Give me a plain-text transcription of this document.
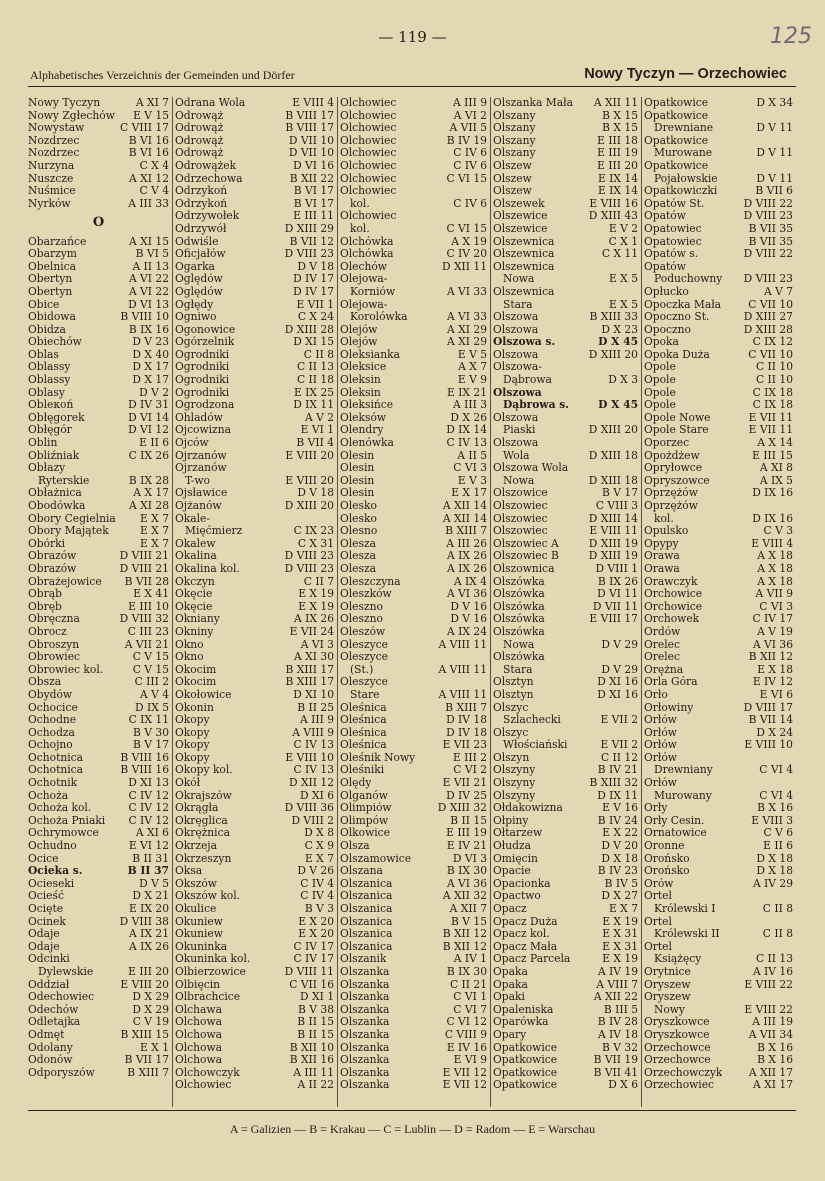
— 119 —	125
Alphabetisches Verzeichnis der Gemeinden und Dörfer	Nowy Tyczyn — Orzechowiec
Nowy Tyczyn	A XI 7
Nowy Zgłechów E V 15
Nowystaw	C VIII 17
Nozdrzec	B VI 16
Nozdrzec	B VI 16
Nurzyna	C X 4
Nuszcze	A XI 12
Nuśmice	C V 4
Nyrków	A III 33
O
Obarzańce	A XI 15
Obarzym	B VI 5
Obelnica	A II 13
Obertyn	A VI 22
Obertyn	A VI 22
Obice	D VI 13
Obidowa	B VIII 10
Obidza	B IX 16
Obiechów	D V 23
Oblas	D X 40
Oblassy	D X 17
Oblassy	D X 17
Oblasy	D V 2
Obleкoń	D IV 31
Obłęgorek	D VI 14
Obłęgór	D VI 12
Oblin	E II 6
Obliźniak	C IX 26
Obłazy
Ryterskie	B IX 28
Obłażnica	A X 17
Obodówka	A XI 28
Obory Cegielnia E X 7
Obory Majątek	E X 7
Obórki	E X 7
Obrazów	D VIII 21
Obrazów	D VIII 21
Obrażejowice B VII 28
Obrąb	E X 41
Obręb	E III 10
Obręczna	D VIII 32
Obrocz	C III 23
Obroszyn	A VII 21
Obrowiec	C V 15
Obrowiec kol.	C V 15
Obsza	C III 2
Obydów	A V 4
Ochocice	D IX 5
Ochodne	C IX 11
Ochodza	B V 30
Ochojno	B V 17
Ochotnica	B VIII 16
Ochotnica	B VIII 16
Ochotnik	D XI 13
Ochoża	C IV 12
Ochoża kol.	C IV 12
Ochoża Pniaki C IV 12
Ochrymowce	A XI 6
Ochudno	E VI 12
Ocice	B II 31
Ocieka s.	B II 37
Ocieseki	D V 5
Ocieść	D X 21
Ocięte	E IX 20
Ocinek	D VIII 38
Odaje	A IX 21
Odaje	A IX 26
Odcinki
Dylewskie	E III 20
Oddział	E VIII 20
Odechowiec	D X 29
Odechów	D X 29
Odletajka	C V 19
Odmęt	B XIII 15
Odolany	E X 1
Odonów	B VII 17
Odporyszów	B XIII 7
Odrana Wola	E VIII 4
Odrowąż	B VIII 17
Odrowąż	B VIII 17
Odrowąż	D VII 10
Odrowąż	D VII 10
Odrowążek	D VI 16
Odrzechowa	B XII 22
Odrzykoń	B VI 17
Odrzykoń	B VI 17
Odrzywołek	E III 11
Odrzywół	D XIII 29
Odwiśle	B VII 12
Oficjałów	D VIII 23
Ogarka	D V 18
Oględów	D IV 17
Oględów	D IV 17
Ogłędy	E VII 1
Ogniwo	C X 24
Ogonowice	D XIII 28
Ogórzelnik	D XI 15
Ogrodniki	C II 8
Ogrodniki	C II 13
Ogrodniki	C II 18
Ogrodniki	E IX 25
Ogrodzona	D IX 11
Ohladów	A V 2
Ojcowizna	E VI 1
Ojców	B VII 4
Ojrzanów	E VIII 20
Ojrzanów
T-wo	E VIII 20
Ojsławice	D V 18
Ojżanów	D XIII 20
Okale-
Mięćmierz	C IX 23
Okalew	C X 31
Okalina	D VIII 23
Okalina kol.	D VIII 23
Okczyn	C II 7
Okęcie	E X 19
Okęcie	E X 19
Okniany	A IX 26
Okniny	E VII 24
Okno	A VI 3
Okno	A XI 30
Okocim	B XIII 17
Okocim	B XIII 17
Okołowice	D XI 10
Okonin	B II 25
Okopy	A III 9
Okopy	A VIII 9
Okopy	C IV 13
Okopy	E VIII 10
Okopy kol.	C IV 13
Okół	D XII 12
Okrajszów	D XI 6
Okrągła	D VIII 36
Okręglica	D VIII 2
Okrężnica	D X 8
Okrzeja	C X 9
Okrzeszyn	E X 7
Oksa	D V 26
Okszów	C IV 4
Okszów kol.	C IV 4
Okulice	B V 3
Okuniew	E X 20
Okuniew	E X 20
Okuninka	C IV 17
Okuninka kol.	C IV 17
Olbierzowice	D VIII 11
Olbięcin	C VII 16
Olbrachcice	D XI 1
Olchawa	B V 38
Olchowa	B II 15
Olchowa	B II 15
Olchowa	B XII 10
Olchowa	B XII 16
Olchowczyk	A III 11
Olchowiec	A II 22
Olchowiec	A III 9
Olchowiec	A VI 2
Olchowiec	A VII 5
Olchowiec	B IV 19
Olchowiec	C IV 6
Olchowiec	C IV 6
Olchowiec	C VI 15
Olchowiec
kol.	C IV 6
Olchowiec
kol.	C VI 15
Olchówka	A X 19
Olchówka	C IV 20
Olechów	D XII 11
Olejowa-
Korniów	A VI 33
Olejowa-
Korolówka	A VI 33
Olejów	A XI 29
Olejów	A XI 29
Oleksianka	E V 5
Oleksice	A X 7
Oleksin	E V 9
Oleksin	E IX 21
Oleksińce	A III 3
Oleksów	D X 26
Olendry	D IX 14
Olenówka	C IV 13
Olesin	A II 5
Olesin	C VI 3
Olesin	E V 3
Olesin	E X 17
Olesko	A XII 14
Olesko	A XII 14
Olesno	B XIII 7
Olesza	A III 26
Olesza	A IX 26
Olesza	A IX 26
Oleszczyna	A IX 4
Oleszków	A VI 36
Oleszno	D V 16
Oleszno	D V 16
Oleszów	A IX 24
Oleszyce	A VIII 11
Oleszyce
(St.)	A VIII 11
Oleszyce
Stare	A VIII 11
Oleśnica	B XIII 7
Oleśnica	D IV 18
Oleśnica	D IV 18
Oleśnica	E VII 23
Oleśnik Nowy	E III 2
Oleśniki	C VI 2
Olędy	E VII 21
Olganów	D IV 25
Olimpiów	D XIII 32
Olimpów	B II 15
Olkowice	E III 19
Olsza	E IV 21
Olszamowice	D VI 3
Olszana	B IX 30
Olszanica	A VI 36
Olszanica	A XII 32
Olszanica	A XII 7
Olszanica	B V 15
Olszanica	B XII 12
Olszanica	B XII 12
Olszanik	A IV 1
Olszanka	B IX 30
Olszanka	C II 21
Olszanka	C VI 1
Olszanka	C VI 7
Olszanka	C VI 12
Olszanka	C VIII 9
Olszanka	E IV 16
Olszanka	E VI 9
Olszanka	E VII 12
Olszanka	E VII 12
Olszanka Mała A XII 11
Olszany	B X 15
Olszany	B X 15
Olszany	E III 18
Olszany	E III 19
Olszew	E III 20
Olszew	E IX 14
Olszew	E IX 14
Olszewek	E VIII 16
Olszewice	D XIII 43
Olszewice	E V 2
Olszewnica	C X 1
Olszewnica	C X 11
Olszewnica
Nowa	E X 5
Olszewnica
Stara	E X 5
Olszowa	B XIII 33
Olszowa	D X 23
Olszowa s.	D X 45
Olszowa	D XIII 20
Olszowa-
Dąbrowa	D X 3
Olszowa
Dąbrowa s.	D X 45
Olszowa
Piaski	D XIII 20
Olszowa
Wola	D XIII 18
Olszowa Wola
Nowa	D XIII 18
Olszowice	B V 17
Olszowiec	C VIII 3
Olszowiec	D XIII 14
Olszowiec	E VIII 11
Olszowiec A	D XIII 19
Olszowiec B	D XIII 19
Olszownica	D VIII 1
Olszówka	B IX 26
Olszówka	D VI 11
Olszówka	D VII 11
Olszówka	E VIII 17
Olszówka
Nowa	D V 29
Olszówka
Stara	D V 29
Olsztyn	D XI 16
Olsztyn	D XI 16
Olszyc
Szlachecki	E VII 2
Olszyc
Włościański	E VII 2
Olszyn	C II 12
Olszyny	B IV 21
Olszyny	B XIII 32
Olszyny	D IX 11
Ołdakowizna	E V 16
Ołpiny	B IV 24
Ołtarzew	E X 22
Ołudza	D V 20
Omięcin	D X 18
Opacie	B IV 23
Opacionka	B IV 5
Opactwo	D X 27
Opacz	E X 7
Opacz Duża	E X 19
Opacz kol.	E X 31
Opacz Mała	E X 31
Opacz Parcela	E X 19
Opaka	A IV 19
Opaka	A VIII 7
Opaki	A XII 22
Opaleniska	B III 5
Oparówka	B IV 28
Opary	A IV 18
Opatkowice	B V 32
Opatkowice	B VII 19
Opatkowice	B VII 41
Opatkowice	D X 6
Opatkowice	D X 34
Opatkowice
Drewniane	D V 11
Opatkowice
Murowane	D V 11
Opatkowice
Pojałowskie	D V 11
Opatkowiczki	B VII 6
Opatów St.	D VIII 22
Opatów	D VIII 23
Opatowiec	B VII 35
Opatowiec	B VII 35
Opatów s.	D VIII 22
Opatów
Poduchowny D VIII 23
Opłucko	A V 7
Opoczka Mała	C VII 10
Opoczno St.	D XIII 27
Opoczno	D XIII 28
Opoka	C IX 12
Opoka Duża	C VII 10
Opole	C II 10
Opole	C II 10
Opole	C IX 18
Opole	C IX 18
Opole Nowe	E VII 11
Opole Stare	E VII 11
Oporzec	A X 14
Opożdżew	E III 15
Opryłowce	A XI 8
Opryszowce	A IX 5
Oprzężów	D IX 16
Oprzężów
kol.	D IX 16
Opulsko	C V 3
Opypy	E VIII 4
Orawa	A X 18
Orawa	A X 18
Orawczyk	A X 18
Orchowice	A VII 9
Orchowice	C VI 3
Orchowek	C IV 17
Ordów	A V 19
Orelec	A VI 36
Orelec	B XII 12
Orężna	E X 18
Orla Góra	E IV 12
Orło	E VI 6
Orłowiny	D VIII 17
Orłów	B VII 14
Orłów	D X 24
Orłów	E VIII 10
Orłów
Drewniany	C VI 4
Orłów
Murowany	C VI 4
Orły	B X 16
Orły Cesin.	E VIII 3
Ornatowice	C V 6
Oronne	E II 6
Orońsko	D X 18
Orońsko	D X 18
Orów	A IV 29
Ortel
Królewski I	C II 8
Ortel
Królewski II	C II 8
Ortel
Książęcy	C II 13
Orytnice	A IV 16
Oryszew	E VIII 22
Oryszew
Nowy	E VIII 22
Oryszkowce	A III 19
Oryszkowce	A VII 34
Orzechowce	B X 16
Orzechowce	B X 16
Orzechowczyk A XII 17
Orzechowiec	A XI 17
A = Galizien — B = Krakau — C = Lublin — D = Radom — E = Warschau
